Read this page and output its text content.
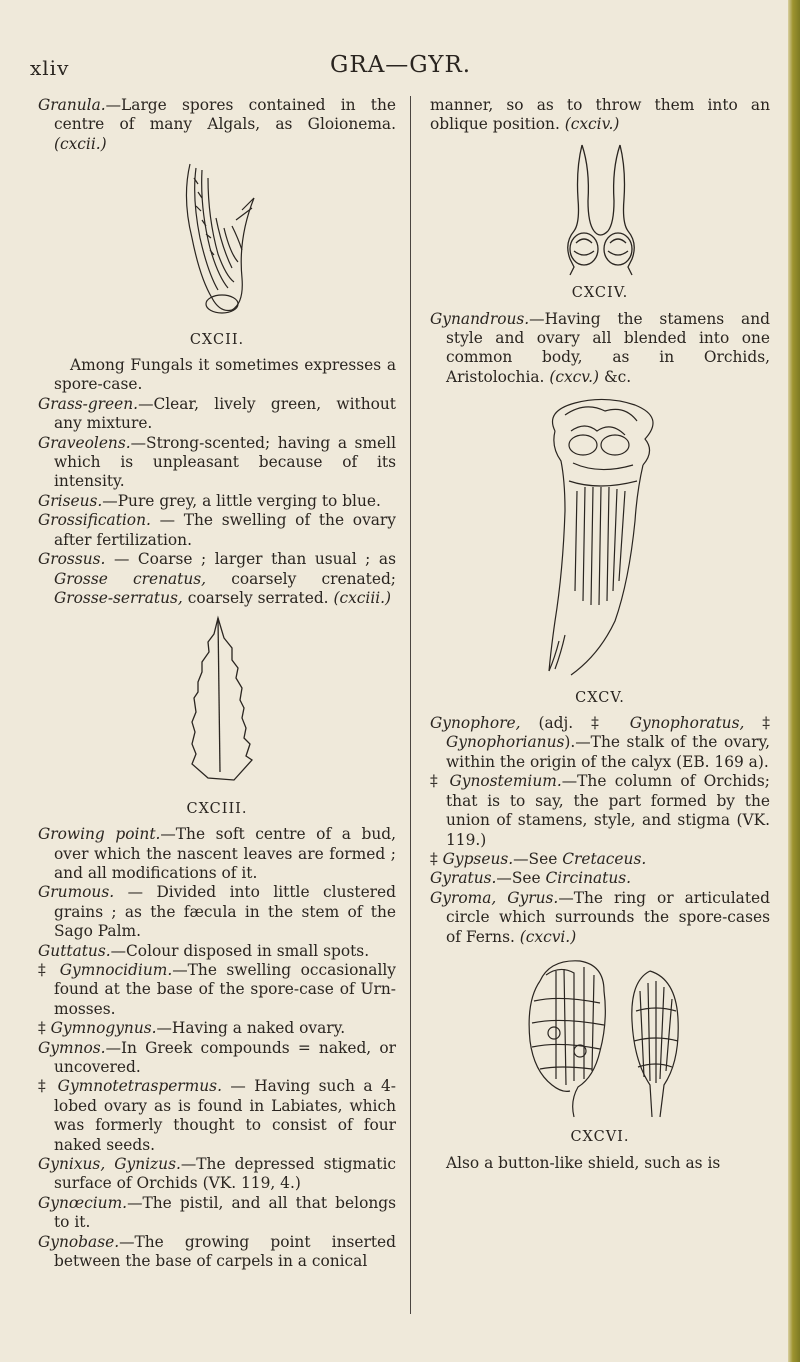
xliv	GRA—GYR.

Granula.—Large spores contained in the centre of many Algals, as Gloionema. (cxcii.)

CXCII.

Among Fungals it sometimes expresses a spore-case.

Grass-green.—Clear, lively green, without any mixture.

Graveolens.—Strong-scented; having a smell which is unpleasant because of its intensity.

Griseus.—Pure grey, a little verging to blue.

Grossification. — The swelling of the ovary after fertilization.

Grossus. — Coarse ; larger than usual ; as Grosse crenatus, coarsely crenated; Grosse-serratus, coarsely serrated. (cxciii.)

CXCIII.

Growing point.—The soft centre of a bud, over which the nascent leaves are formed ; and all modifications of it.

Grumous. — Divided into little clustered grains ; as the fæcula in the stem of the Sago Palm.

Guttatus.—Colour disposed in small spots.

‡ Gymnocidium.—The swelling occasionally found at the base of the spore-case of Urn-mosses.

‡ Gymnogynus.—Having a naked ovary.

Gymnos.—In Greek compounds = naked, or uncovered.

‡ Gymnotetraspermus. — Having such a 4-lobed ovary as is found in Labiates, which was formerly thought to consist of four naked seeds.

Gynixus, Gynizus.—The depressed stigmatic surface of Orchids (VK. 119, 4.)

Gynœcium.—The pistil, and all that belongs to it.

Gynobase.—The growing point inserted between the base of carpels in a conical

manner, so as to throw them into an oblique position. (cxciv.)

CXCIV.

Gynandrous.—Having the stamens and style and ovary all blended into one common body, as in Orchids, Aristolochia. (cxcv.) &c.

CXCV.

Gynophore, (adj. ‡ Gynophoratus, ‡ Gynophorianus).—The stalk of the ovary, within the origin of the calyx (EB. 169 a).

‡ Gynostemium.—The column of Orchids; that is to say, the part formed by the union of stamens, style, and stigma (VK. 119.)

‡ Gypseus.—See Cretaceus.

Gyratus.—See Circinatus.

Gyroma, Gyrus.—The ring or articulated circle which surrounds the spore-cases of Ferns. (cxcvi.)

CXCVI.

Also a button-like shield, such as is
